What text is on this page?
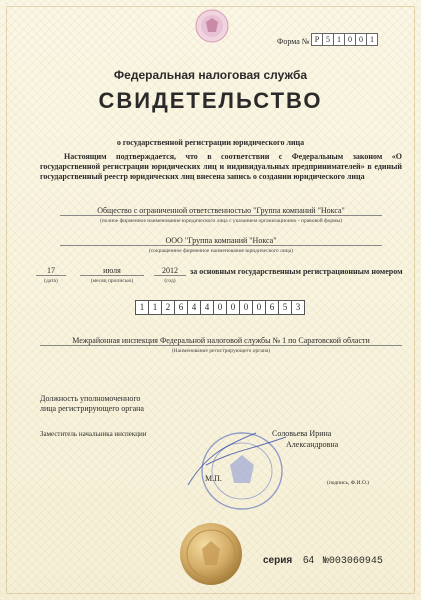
Форма № Р 5 1 0 0 1
Федеральная налоговая служба
СВИДЕТЕЛЬСТВО
о государственной регистрации юридического лица
Настоящим подтверждается, что в соответствии с Федеральным законом «О государственной регистрации юридических лиц и индивидуальных предпринимателей» в единый государственный реестр юридических лиц внесена запись о создании юридического лица
Общество с ограниченной ответственностью "Группа компаний "Нокса"
(полное фирменное наименование юридического лица с указанием организационно - правовой формы)
ООО "Группа компаний "Нокса"
(сокращенное фирменное наименование юридического лица)
17
(дата)
июля
(месяц прописью)
2012
(год)
за основным государственным регистрационным номером
1 1 2 6 4 4 0 0 0 0 6 5 3
Межрайонная инспекция Федеральной налоговой службы № 1 по Саратовской области
(Наименование регистрирующего органа)
Должность уполномоченного
лица регистрирующего органа
Заместитель начальника инспекции	Соловьева Ирина
Александровна
М.П.	(подпись, Ф.И.О.)
серия 64 №003060945
